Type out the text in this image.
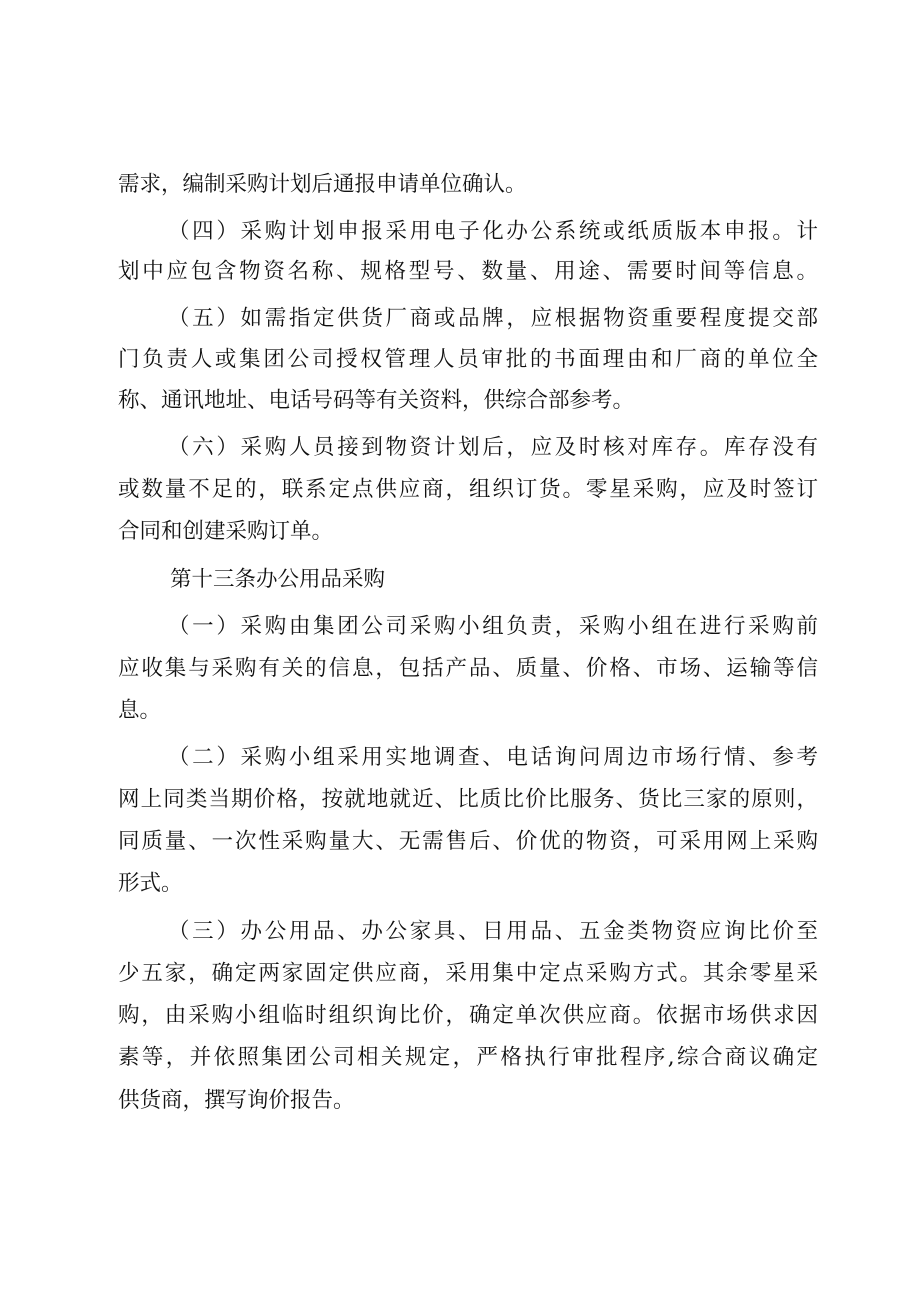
需求，编制采购计划后通报申请单位确认。
（四）采购计划申报采用电子化办公系统或纸质版本申报。计
划中应包含物资名称、规格型号、数量、用途、需要时间等信息。
（五）如需指定供货厂商或品牌，应根据物资重要程度提交部
门负责人或集团公司授权管理人员审批的书面理由和厂商的单位全
称、通讯地址、电话号码等有关资料，供综合部参考。
（六）采购人员接到物资计划后，应及时核对库存。库存没有
或数量不足的，联系定点供应商，组织订货。零星采购，应及时签订
合同和创建采购订单。
第十三条办公用品采购
（一）采购由集团公司采购小组负责，采购小组在进行采购前
应收集与采购有关的信息，包括产品、质量、价格、市场、运输等信
息。
（二）采购小组采用实地调查、电话询问周边市场行情、参考
网上同类当期价格，按就地就近、比质比价比服务、货比三家的原则，
同质量、一次性采购量大、无需售后、价优的物资，可采用网上采购
形式。
（三）办公用品、办公家具、日用品、五金类物资应询比价至
少五家，确定两家固定供应商，采用集中定点采购方式。其余零星采
购，由采购小组临时组织询比价，确定单次供应商。依据市场供求因
素等，并依照集团公司相关规定，严格执行审批程序,综合商议确定
供货商，撰写询价报告。
